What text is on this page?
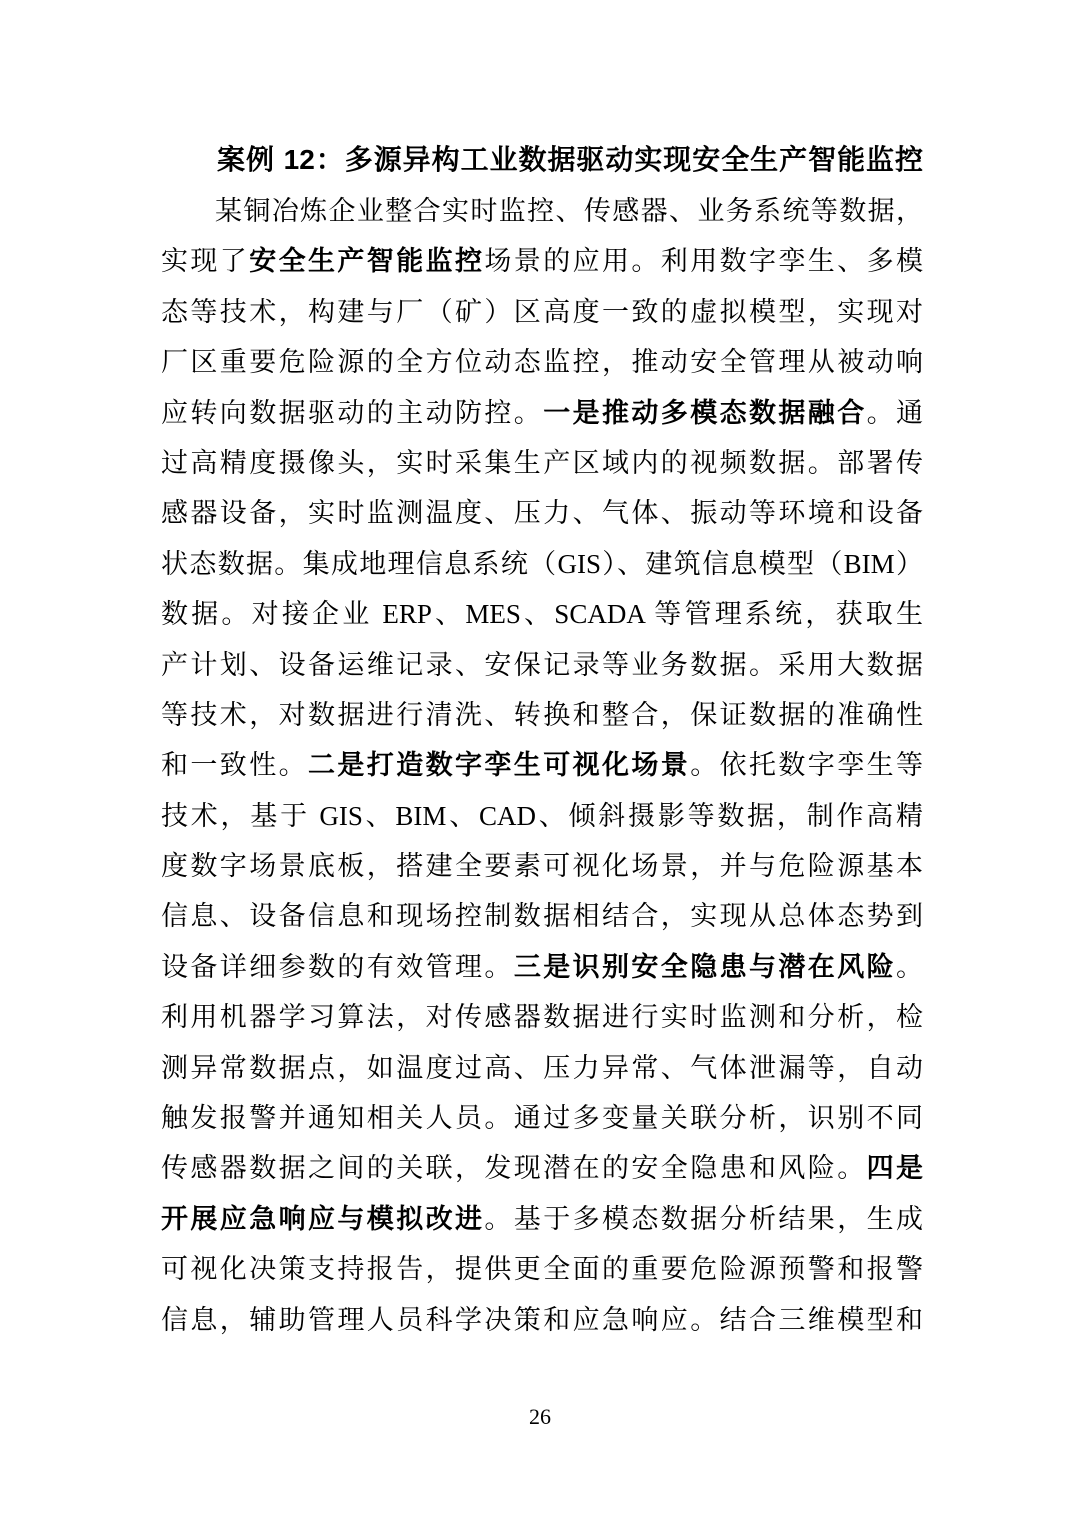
案例 12：多源异构工业数据驱动实现安全生产智能监控
某铜冶炼企业整合实时监控、传感器、业务系统等数据，
实现了安全生产智能监控场景的应用。利用数字孪生、多模
态等技术，构建与厂（矿）区高度一致的虚拟模型，实现对
厂区重要危险源的全方位动态监控，推动安全管理从被动响
应转向数据驱动的主动防控。一是推动多模态数据融合。通
过高精度摄像头，实时采集生产区域内的视频数据。部署传
感器设备，实时监测温度、压力、气体、振动等环境和设备
状态数据。集成地理信息系统（GIS）、建筑信息模型（BIM）
数据。对接企业 ERP、MES、SCADA 等管理系统，获取生
产计划、设备运维记录、安保记录等业务数据。采用大数据
等技术，对数据进行清洗、转换和整合，保证数据的准确性
和一致性。二是打造数字孪生可视化场景。依托数字孪生等
技术，基于 GIS、BIM、CAD、倾斜摄影等数据，制作高精
度数字场景底板，搭建全要素可视化场景，并与危险源基本
信息、设备信息和现场控制数据相结合，实现从总体态势到
设备详细参数的有效管理。三是识别安全隐患与潜在风险。
利用机器学习算法，对传感器数据进行实时监测和分析，检
测异常数据点，如温度过高、压力异常、气体泄漏等，自动
触发报警并通知相关人员。通过多变量关联分析，识别不同
传感器数据之间的关联，发现潜在的安全隐患和风险。四是
开展应急响应与模拟改进。基于多模态数据分析结果，生成
可视化决策支持报告，提供更全面的重要危险源预警和报警
信息，辅助管理人员科学决策和应急响应。结合三维模型和
26
